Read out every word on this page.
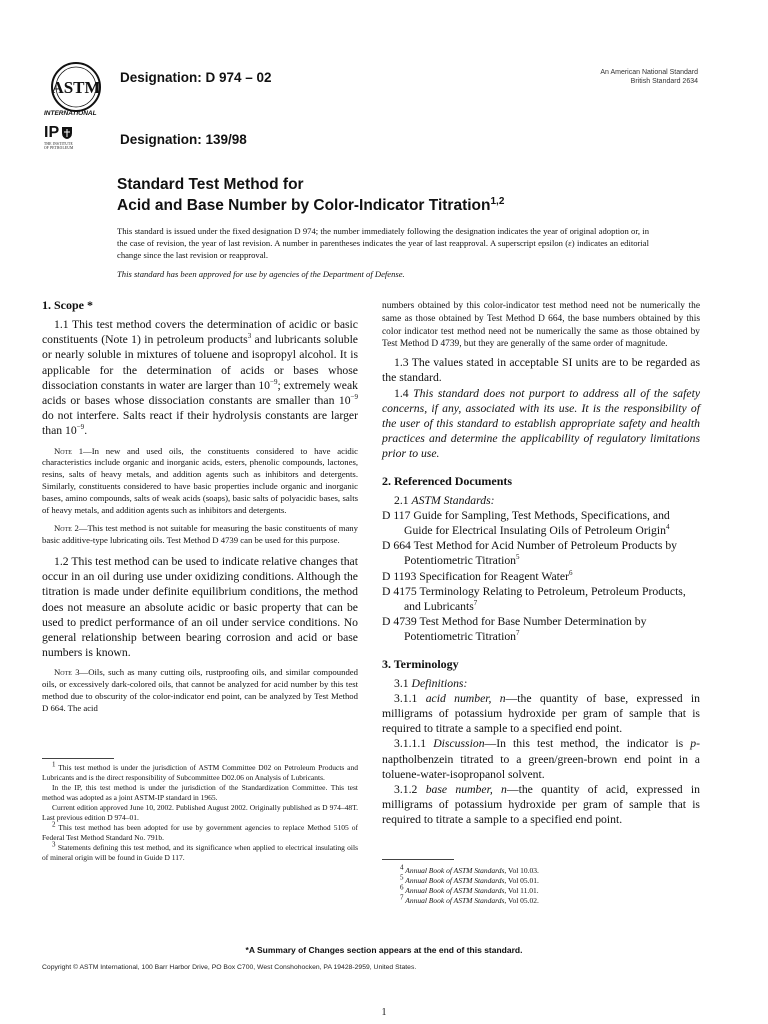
ASTM
INTERNATIONAL
Designation: D 974 – 02	An American National Standard
British Standard 2634
IP
THE INSTITUTE OF PETROLEUM
Designation: 139/98
Standard Test Method for
Acid and Base Number by Color-Indicator Titration$^{1,2}$
This standard is issued under the fixed designation D 974; the number immediately following the designation indicates the year of original adoption or, in the case of revision, the year of last revision. A number in parentheses indicates the year of last reapproval. A superscript epsilon (ε) indicates an editorial change since the last revision or reapproval.
This standard has been approved for use by agencies of the Department of Defense.
1. Scope *

1.1 This test method covers the determination of acidic or basic constituents (Note 1) in petroleum products$^3$ and lubricants soluble or nearly soluble in mixtures of toluene and isopropyl alcohol. It is applicable for the determination of acids or bases whose dissociation constants in water are larger than $10^{-9}$; extremely weak acids or bases whose dissociation constants are smaller than $10^{-9}$ do not interfere. Salts react if their hydrolysis constants are larger than $10^{-9}$.

Note 1—In new and used oils, the constituents considered to have acidic characteristics include organic and inorganic acids, esters, phenolic compounds, lactones, resins, salts of heavy metals, and addition agents such as inhibitors and detergents. Similarly, constituents considered to have basic properties include organic and inorganic bases, amino compounds, salts of weak acids (soaps), basic salts of polyacidic bases, salts of heavy metals, and addition agents such as inhibitors and detergents.

Note 2—This test method is not suitable for measuring the basic constituents of many basic additive-type lubricating oils. Test Method D 4739 can be used for this purpose.

1.2 This test method can be used to indicate relative changes that occur in an oil during use under oxidizing conditions. Although the titration is made under definite equilibrium conditions, the method does not measure an absolute acidic or basic property that can be used to predict performance of an oil under service conditions. No general relationship between bearing corrosion and acid or base numbers is known.

Note 3—Oils, such as many cutting oils, rustproofing oils, and similar compounded oils, or excessively dark-colored oils, that cannot be analyzed for acid number by this test method due to obscurity of the color-indicator end point, can be analyzed by Test Method D 664. The acid

$^1$ This test method is under the jurisdiction of ASTM Committee D02 on Petroleum Products and Lubricants and is the direct responsibility of Subcommittee D02.06 on Analysis of Lubricants.

In the IP, this test method is under the jurisdiction of the Standardization Committee. This test method was adopted as a joint ASTM-IP standard in 1965.

Current edition approved June 10, 2002. Published August 2002. Originally published as D 974–48T. Last previous edition D 974–01.

$^2$ This test method has been adopted for use by government agencies to replace Method 5105 of Federal Test Method Standard No. 791b.

$^3$ Statements defining this test method, and its significance when applied to electrical insulating oils of mineral origin will be found in Guide D 117.

numbers obtained by this color-indicator test method need not be numerically the same as those obtained by Test Method D 664, the base numbers obtained by this color indicator test method need not be numerically the same as those obtained by Test Method D 4739, but they are generally of the same order of magnitude.

1.3 The values stated in acceptable SI units are to be regarded as the standard.

1.4 This standard does not purport to address all of the safety concerns, if any, associated with its use. It is the responsibility of the user of this standard to establish appropriate safety and health practices and determine the applicability of regulatory limitations prior to use.

2. Referenced Documents

2.1 ASTM Standards:

D 117 Guide for Sampling, Test Methods, Specifications, and Guide for Electrical Insulating Oils of Petroleum Origin$^4$

D 664 Test Method for Acid Number of Petroleum Products by Potentiometric Titration$^5$

D 1193 Specification for Reagent Water$^6$

D 4175 Terminology Relating to Petroleum, Petroleum Products, and Lubricants$^7$

D 4739 Test Method for Base Number Determination by Potentiometric Titration$^7$

3. Terminology

3.1 Definitions:

3.1.1 acid number, n—the quantity of base, expressed in milligrams of potassium hydroxide per gram of sample that is required to titrate a sample to a specified end point.

3.1.1.1 Discussion—In this test method, the indicator is p-naptholbenzein titrated to a green/green-brown end point in a toluene-water-isopropanol solvent.

3.1.2 base number, n—the quantity of acid, expressed in milligrams of potassium hydroxide per gram of sample that is required to titrate a sample to a specified end point.

$^4$ Annual Book of ASTM Standards, Vol 10.03.

$^5$ Annual Book of ASTM Standards, Vol 05.01.

$^6$ Annual Book of ASTM Standards, Vol 11.01.

$^7$ Annual Book of ASTM Standards, Vol 05.02.

*A Summary of Changes section appears at the end of this standard.
Copyright © ASTM International, 100 Barr Harbor Drive, PO Box C700, West Conshohocken, PA 19428-2959, United States.
1
